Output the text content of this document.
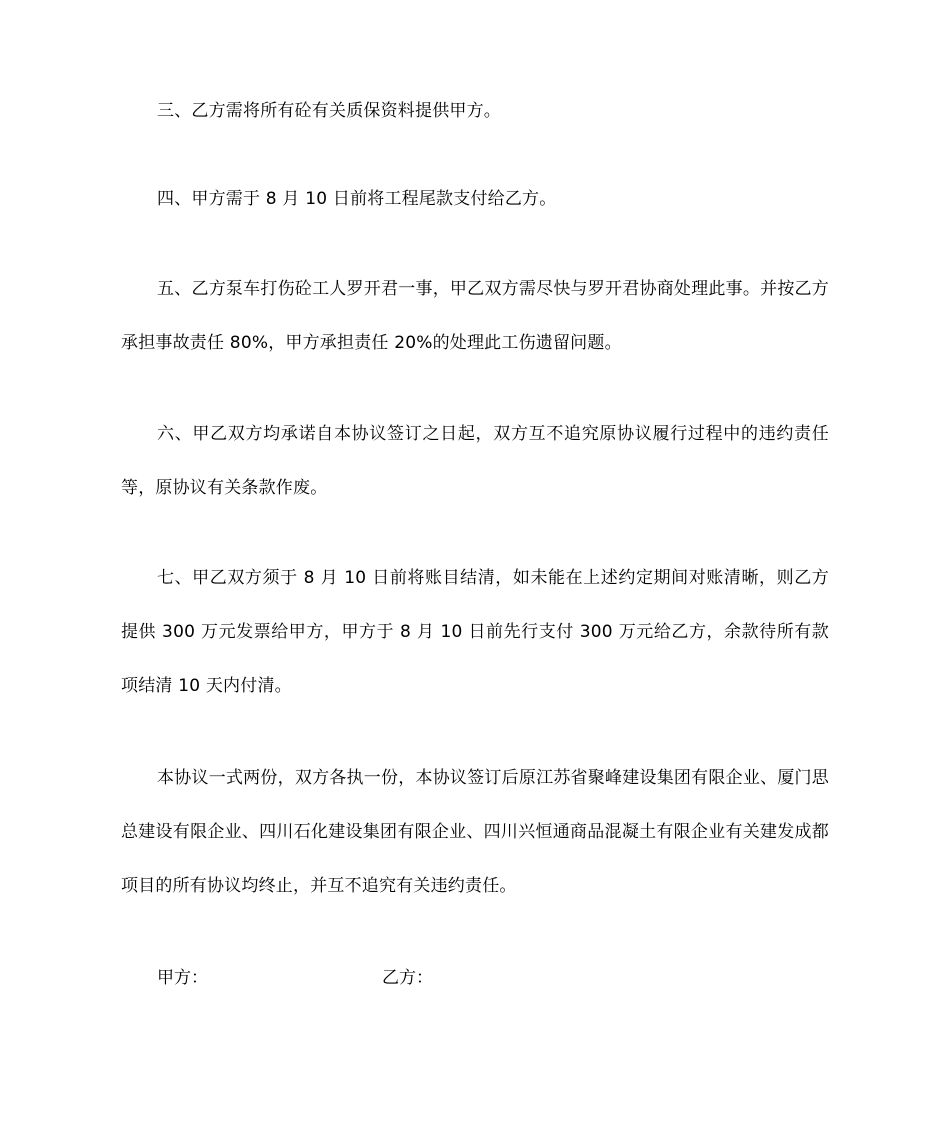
三、乙方需将所有砼有关质保资料提供甲方。

四、甲方需于 8 月 10 日前将工程尾款支付给乙方。

五、乙方泵车打伤砼工人罗开君一事，甲乙双方需尽快与罗开君协商处理此事。并按乙方承担事故责任 80%，甲方承担责任 20%的处理此工伤遗留问题。

六、甲乙双方均承诺自本协议签订之日起，双方互不追究原协议履行过程中的违约责任等，原协议有关条款作废。

七、甲乙双方须于 8 月 10 日前将账目结清，如未能在上述约定期间对账清晰，则乙方提供 300 万元发票给甲方，甲方于 8 月 10 日前先行支付 300 万元给乙方，余款待所有款项结清 10 天内付清。

本协议一式两份，双方各执一份，本协议签订后原江苏省聚峰建设集团有限企业、厦门思总建设有限企业、四川石化建设集团有限企业、四川兴恒通商品混凝土有限企业有关建发成都项目的所有协议均终止，并互不追究有关违约责任。

甲方：	乙方：
